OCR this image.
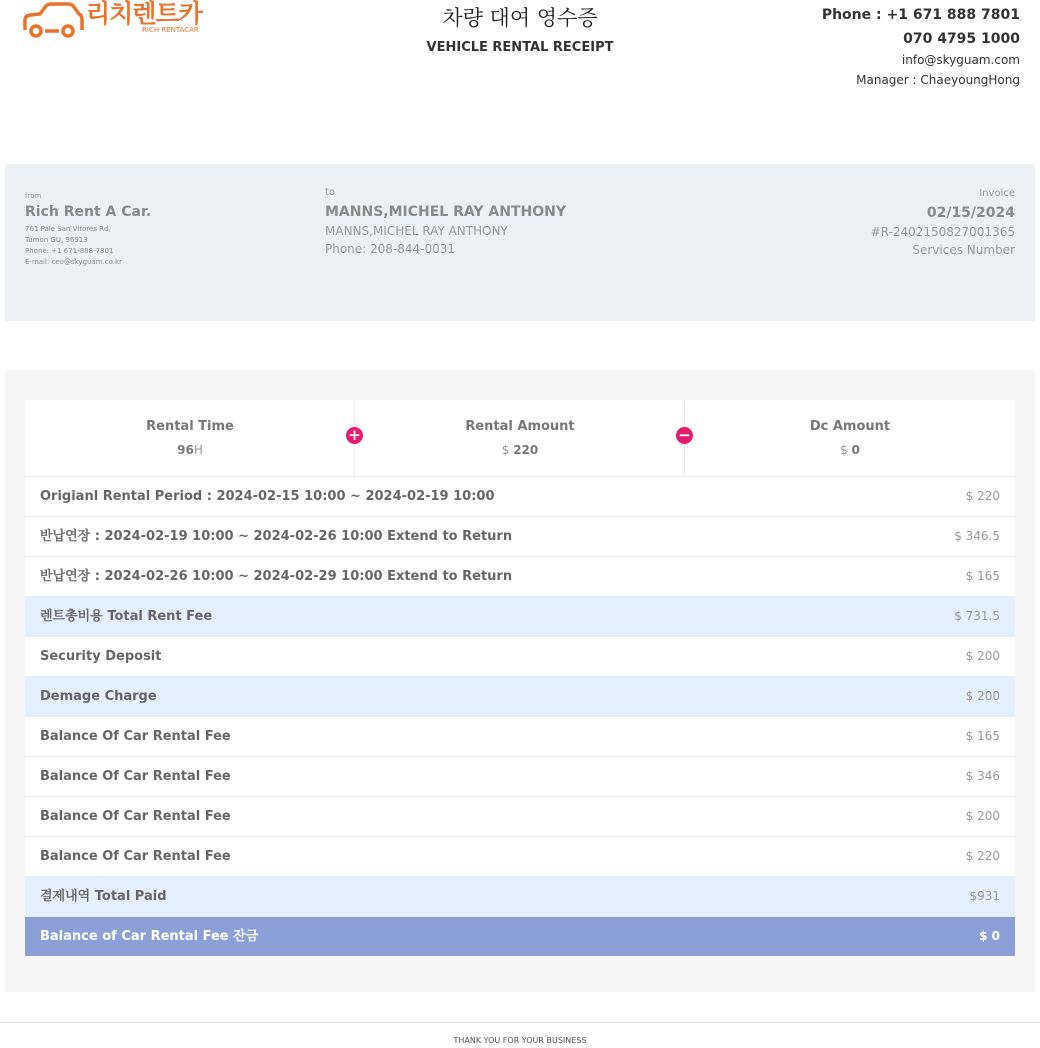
리치렌트카
RICH RENTACAR	차량 대여 영수증
VEHICLE RENTAL RECEIPT
Phone : +1 671 888 7801
070 4795 1000
info@skyguam.com
Manager : ChaeyoungHong
from
Rich Rent A Car.
761 Pale San Vitores Rd,
Tumon GU, 96913
Phone: +1 671-888-7801
E-mail: ceo@skyguam.co.kr
to
MANNS,MICHEL RAY ANTHONY
MANNS,MICHEL RAY ANTHONY
Phone: 208-844-0031
Invoice
02/15/2024
#R-2402150827001365
Services Number
Rental Time
96H
+	Rental Amount
$ 220
−	Dc Amount
$ 0
Origianl Rental Period : 2024-02-15 10:00 ~ 2024-02-19 10:00	$ 220
반납연장 : 2024-02-19 10:00 ~ 2024-02-26 10:00 Extend to Return	$ 346.5
반납연장 : 2024-02-26 10:00 ~ 2024-02-29 10:00 Extend to Return	$ 165
렌트총비용 Total Rent Fee	$ 731.5
Security Deposit	$ 200
Demage Charge	$ 200
Balance Of Car Rental Fee	$ 165
Balance Of Car Rental Fee	$ 346
Balance Of Car Rental Fee	$ 200
Balance Of Car Rental Fee	$ 220
결제내역 Total Paid	$931
Balance of Car Rental Fee 잔금	$ 0
THANK YOU FOR YOUR BUSINESS
